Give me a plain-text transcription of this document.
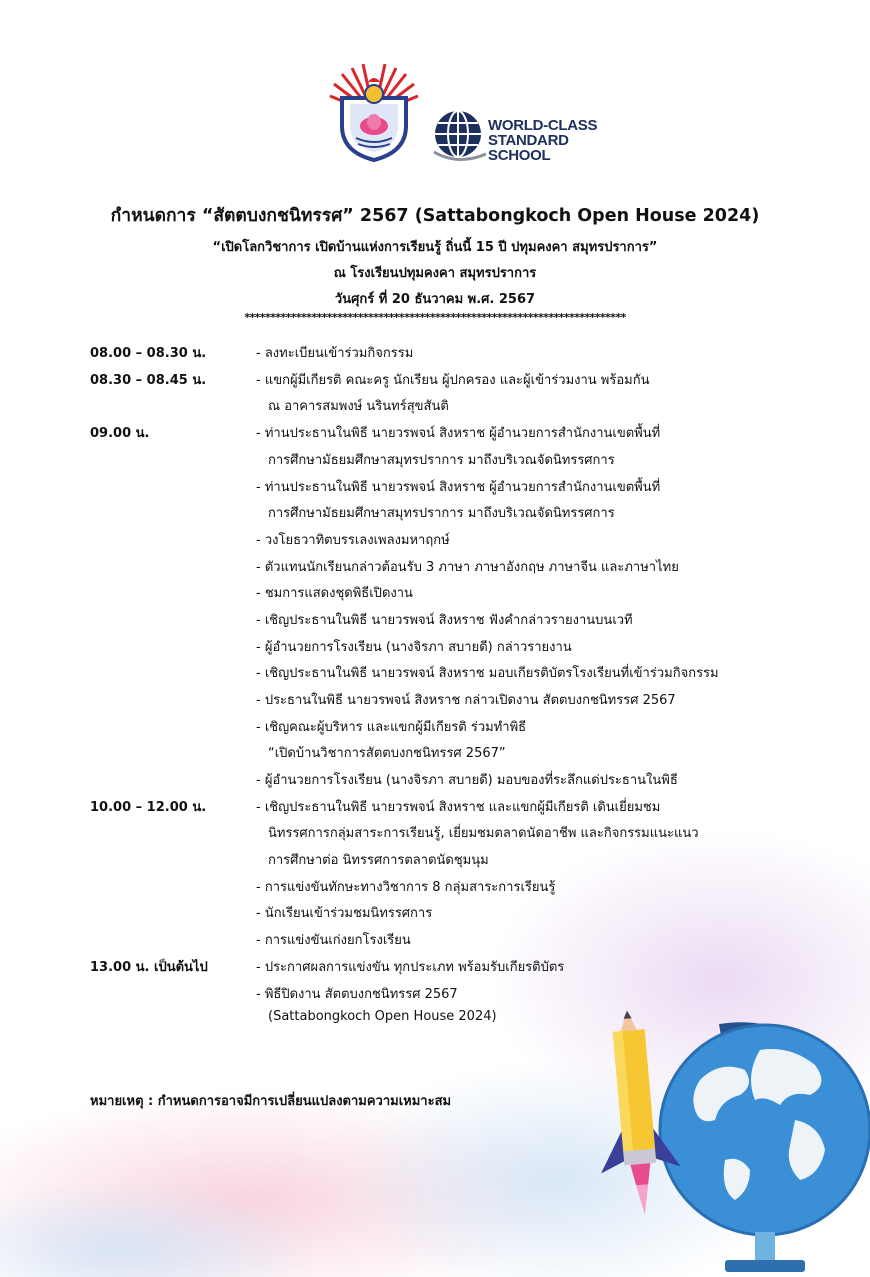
WORLD-CLASS
STANDARD SCHOOL
กำหนดการ “สัตตบงกชนิทรรศ” 2567 (Sattabongkoch Open House 2024)
“เปิดโลกวิชาการ เปิดบ้านแห่งการเรียนรู้ ถิ่นนี้ 15 ปี ปทุมคงคา สมุทรปราการ”
ณ โรงเรียนปทุมคงคา สมุทรปราการ
วันศุกร์ ที่ 20 ธันวาคม พ.ศ. 2567
**************************************************************************
08.00 – 08.30 น.	- ลงทะเบียนเข้าร่วมกิจกรรม
08.30 – 08.45 น.	- แขกผู้มีเกียรติ คณะครู นักเรียน ผู้ปกครอง และผู้เข้าร่วมงาน พร้อมกัน
ณ อาคารสมพงษ์ นรินทร์สุขสันติ
09.00 น.	- ท่านประธานในพิธี นายวรพจน์ สิงหราช ผู้อำนวยการสำนักงานเขตพื้นที่
การศึกษามัธยมศึกษาสมุทรปราการ มาถึงบริเวณจัดนิทรรศการ
- ท่านประธานในพิธี นายวรพจน์ สิงหราช ผู้อำนวยการสำนักงานเขตพื้นที่
การศึกษามัธยมศึกษาสมุทรปราการ มาถึงบริเวณจัดนิทรรศการ
- วงโยธวาทิตบรรเลงเพลงมหาฤกษ์
- ตัวแทนนักเรียนกล่าวต้อนรับ 3 ภาษา ภาษาอังกฤษ ภาษาจีน และภาษาไทย
- ชมการแสดงชุดพิธีเปิดงาน
- เชิญประธานในพิธี นายวรพจน์ สิงหราช ฟังคำกล่าวรายงานบนเวที
- ผู้อำนวยการโรงเรียน (นางจิรภา สบายดี) กล่าวรายงาน
- เชิญประธานในพิธี นายวรพจน์ สิงหราช มอบเกียรติบัตรโรงเรียนที่เข้าร่วมกิจกรรม
- ประธานในพิธี นายวรพจน์ สิงหราช กล่าวเปิดงาน สัตตบงกชนิทรรศ 2567
- เชิญคณะผู้บริหาร และแขกผู้มีเกียรติ ร่วมทำพิธี
“เปิดบ้านวิชาการสัตตบงกชนิทรรศ 2567”
- ผู้อำนวยการโรงเรียน (นางจิรภา สบายดี) มอบของที่ระลึกแด่ประธานในพิธี
10.00 – 12.00 น.	- เชิญประธานในพิธี นายวรพจน์ สิงหราช และแขกผู้มีเกียรติ เดินเยี่ยมชม
นิทรรศการกลุ่มสาระการเรียนรู้, เยี่ยมชมตลาดนัดอาชีพ และกิจกรรมแนะแนว
การศึกษาต่อ นิทรรศการตลาดนัดชุมนุม
- การแข่งขันทักษะทางวิชาการ 8 กลุ่มสาระการเรียนรู้
- นักเรียนเข้าร่วมชมนิทรรศการ
- การแข่งขันเก่งยกโรงเรียน
13.00 น. เป็นต้นไป	- ประกาศผลการแข่งขัน ทุกประเภท พร้อมรับเกียรติบัตร
- พิธีปิดงาน สัตตบงกชนิทรรศ 2567
(Sattabongkoch Open House 2024)
หมายเหตุ : กำหนดการอาจมีการเปลี่ยนแปลงตามความเหมาะสม
